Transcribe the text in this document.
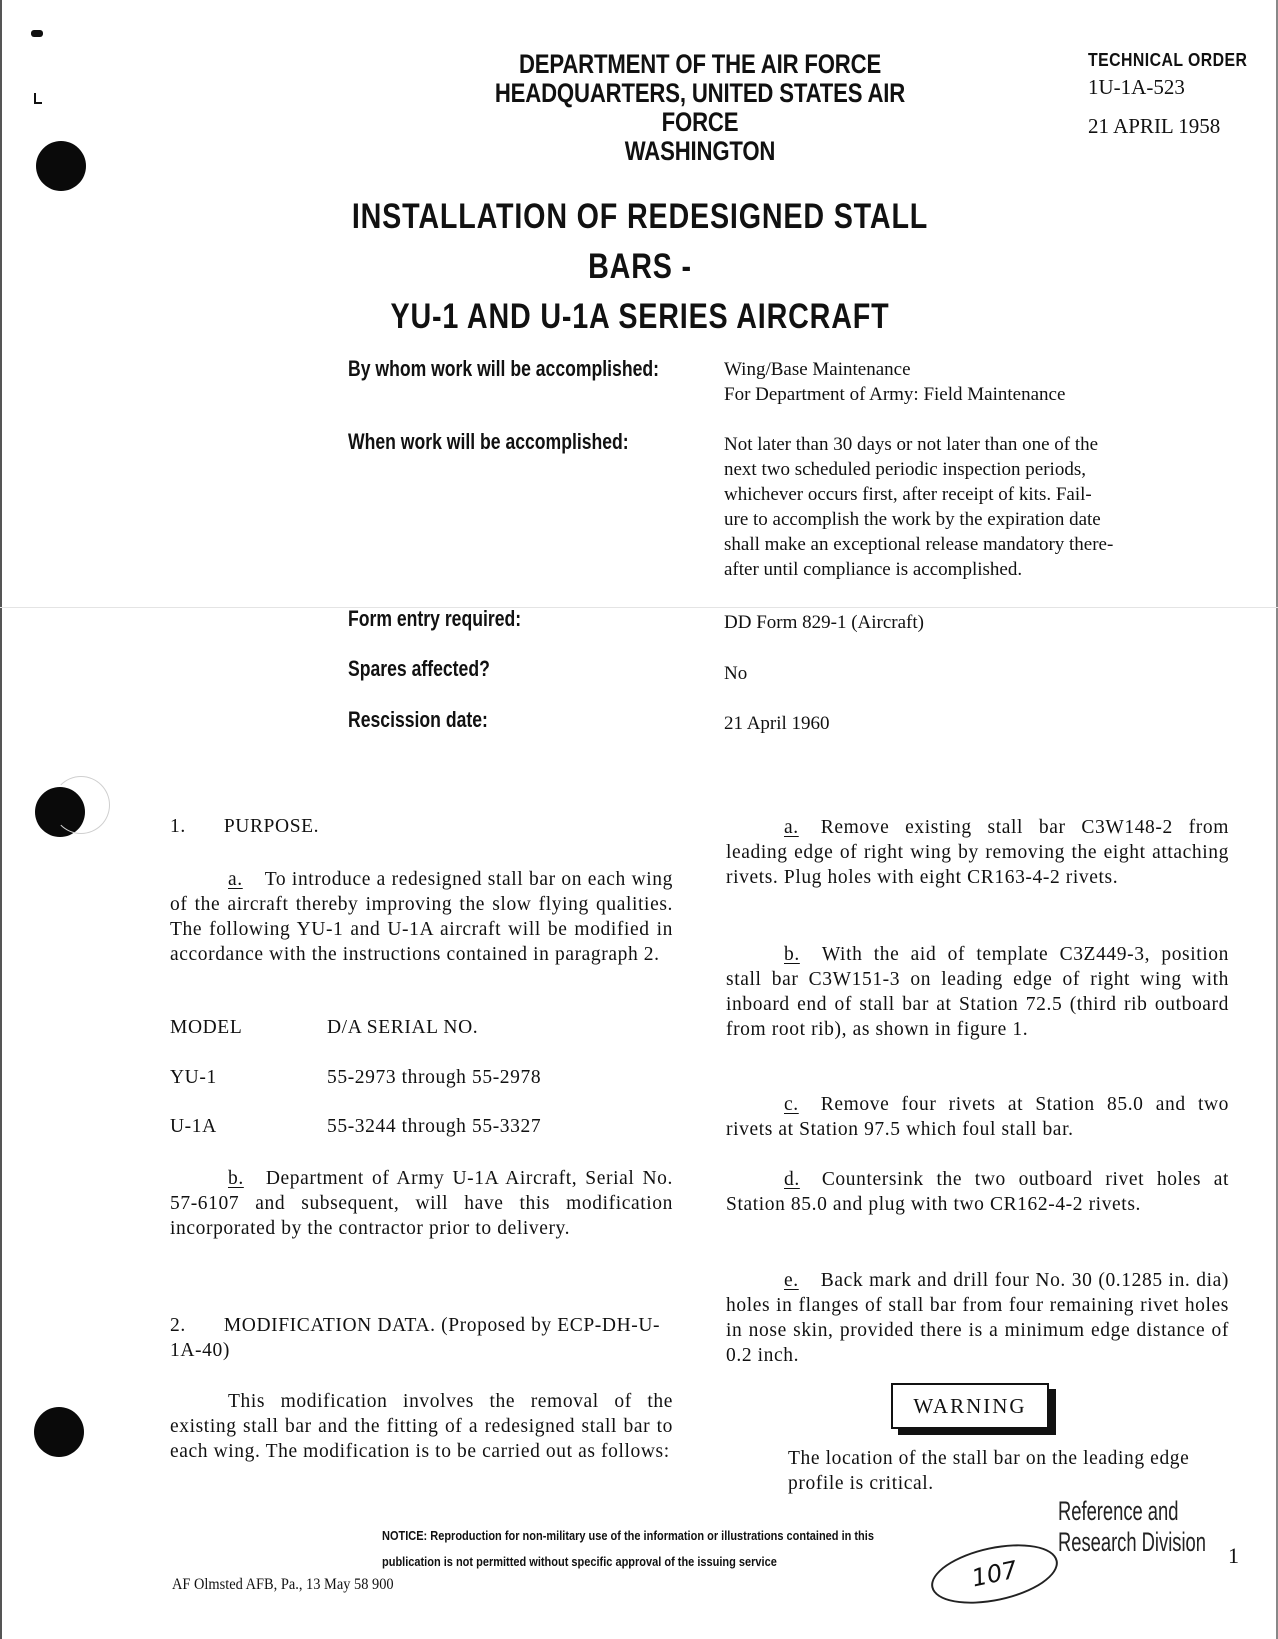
DEPARTMENT OF THE AIR FORCE
HEADQUARTERS, UNITED STATES AIR FORCE
WASHINGTON
TECHNICAL ORDER
1U-1A-523
21 APRIL 1958
INSTALLATION OF REDESIGNED STALL BARS -
YU-1 AND U-1A SERIES AIRCRAFT
By whom work will be accomplished:	Wing/Base Maintenance
For Department of Army: Field Maintenance
When work will be accomplished:	Not later than 30 days or not later than one of the
next two scheduled periodic inspection periods,
whichever occurs first, after receipt of kits. Fail-
ure to accomplish the work by the expiration date
shall make an exceptional release mandatory there-
after until compliance is accomplished.
Form entry required:	DD Form 829-1 (Aircraft)
Spares affected?	No
Rescission date:	21 April 1960
1. PURPOSE.
a. To introduce a redesigned stall bar on each wing of the aircraft thereby improving the slow flying qualities. The following YU-1 and U-1A aircraft will be modified in accordance with the instructions contained in paragraph 2.
MODEL	D/A SERIAL NO.
YU-1	55-2973 through 55-2978
U-1A	55-3244 through 55-3327
b. Department of Army U-1A Aircraft, Serial No. 57-6107 and subsequent, will have this modification incorporated by the contractor prior to delivery.
2. MODIFICATION DATA. (Proposed by ECP-DH-U-1A-40)
This modification involves the removal of the existing stall bar and the fitting of a redesigned stall bar to each wing. The modification is to be carried out as follows:
a. Remove existing stall bar C3W148-2 from leading edge of right wing by removing the eight attaching rivets. Plug holes with eight CR163-4-2 rivets.
b. With the aid of template C3Z449-3, position stall bar C3W151-3 on leading edge of right wing with inboard end of stall bar at Station 72.5 (third rib outboard from root rib), as shown in figure 1.
c. Remove four rivets at Station 85.0 and two rivets at Station 97.5 which foul stall bar.
d. Countersink the two outboard rivet holes at Station 85.0 and plug with two CR162-4-2 rivets.
e. Back mark and drill four No. 30 (0.1285 in. dia) holes in flanges of stall bar from four remaining rivet holes in nose skin, provided there is a minimum edge distance of 0.2 inch.
WARNING
The location of the stall bar on the leading edge profile is critical.
NOTICE: Reproduction for non-military use of the information or illustrations contained in this
publication is not permitted without specific approval of the issuing service	107
Reference and
Research Division 1
AF Olmsted AFB, Pa., 13 May 58 900
